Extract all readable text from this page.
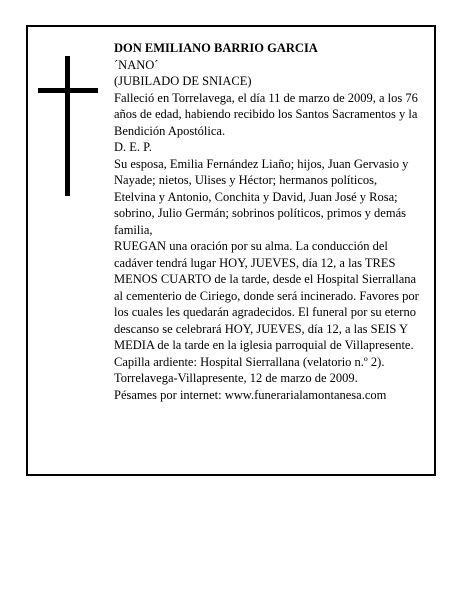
DON EMILIANO BARRIO GARCIA

´NANO´

(JUBILADO DE SNIACE)

Falleció en Torrelavega, el día 11 de marzo de 2009, a los 76 años de edad, habiendo recibido los Santos Sacramentos y la Bendición Apostólica.

D. E. P.

Su esposa, Emilia Fernández Liaño; hijos, Juan Gervasio y Nayade; nietos, Ulises y Héctor; hermanos políticos, Etelvina y Antonio, Conchita y David, Juan José y Rosa; sobrino, Julio Germán; sobrinos políticos, primos y demás familia,

RUEGAN una oración por su alma. La conducción del cadáver tendrá lugar HOY, JUEVES, día 12, a las TRES MENOS CUARTO de la tarde, desde el Hospital Sierrallana al cementerio de Ciriego, donde será incinerado. Favores por los cuales les quedarán agradecidos. El funeral por su eterno descanso se celebrará HOY, JUEVES, día 12, a las SEIS Y MEDIA de la tarde en la iglesia parroquial de Villapresente.

Capilla ardiente: Hospital Sierrallana (velatorio n.º 2).

Torrelavega-Villapresente, 12 de marzo de 2009.

Pésames por internet: www.funerarialamontanesa.com
